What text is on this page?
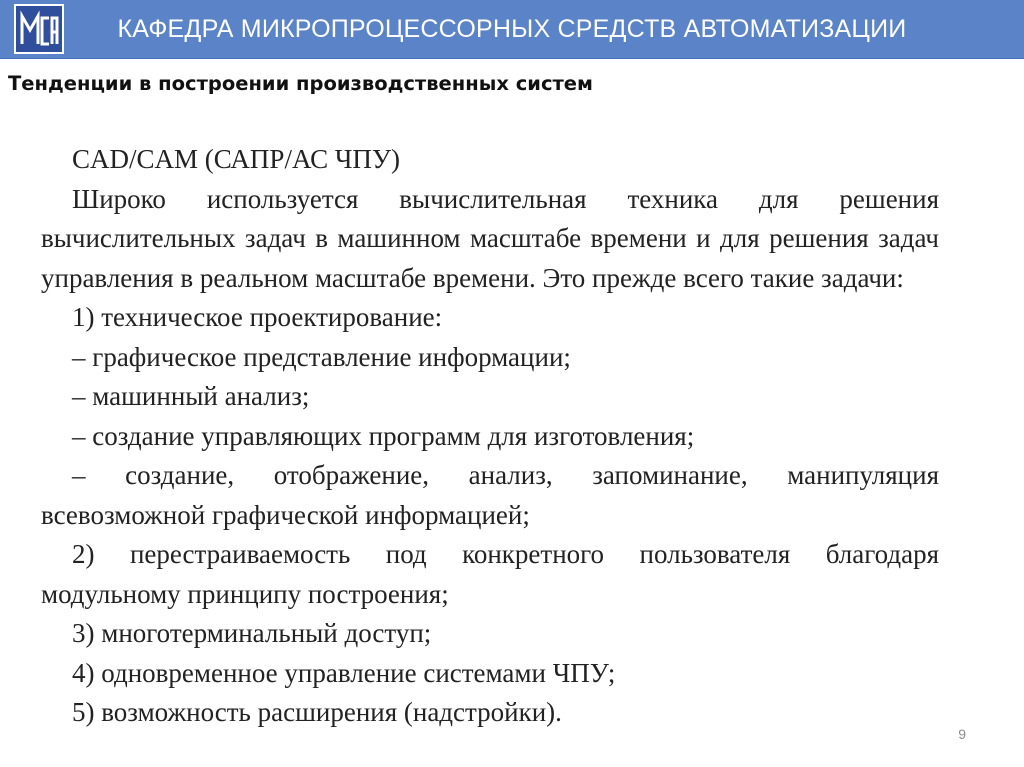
КАФЕДРА МИКРОПРОЦЕССОРНЫХ СРЕДСТВ АВТОМАТИЗАЦИИ
Тенденции в построении производственных систем

CAD/CAM (САПР/АС ЧПУ)

Широко используется вычислительная техника для решения вычислительных задач в машинном масштабе времени и для решения задач управления в реальном масштабе времени. Это прежде всего такие задачи:

1) техническое проектирование:

– графическое представление информации;

– машинный анализ;

– создание управляющих программ для изготовления;

– создание, отображение, анализ, запоминание, манипуляция всевозможной графической информацией;

2) перестраиваемость под конкретного пользователя благодаря модульному принципу построения;

3) многотерминальный доступ;

4) одновременное управление системами ЧПУ;

5) возможность расширения (надстройки).

9
